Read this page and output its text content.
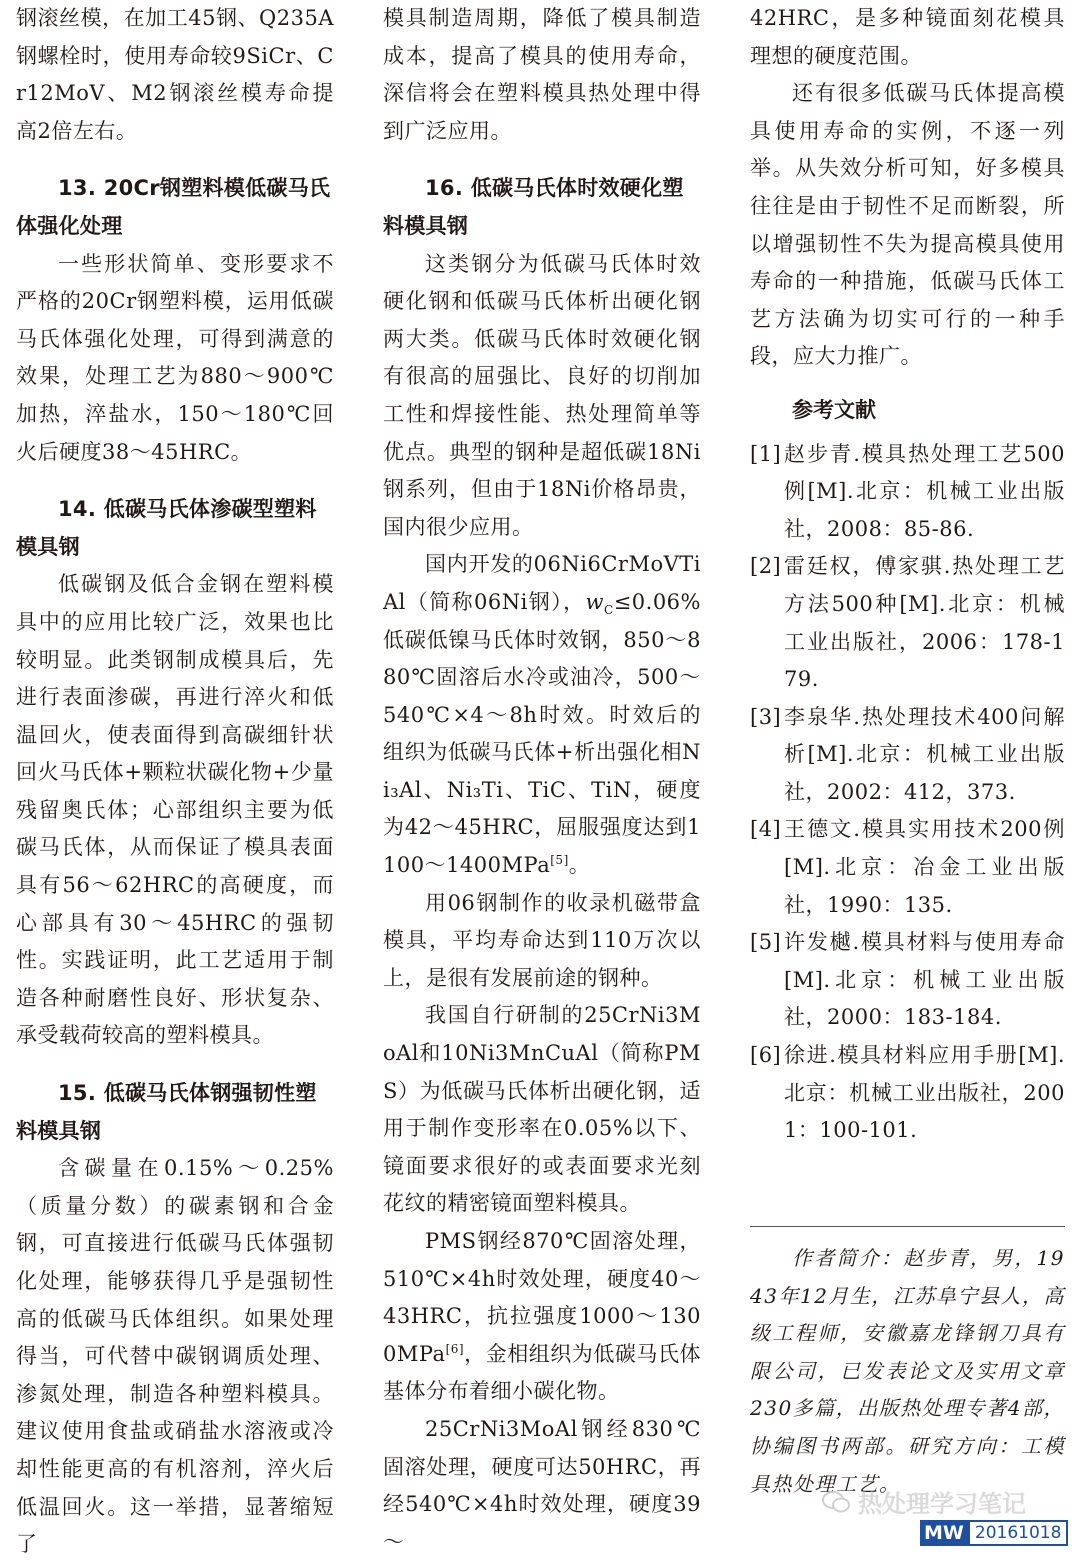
钢滚丝模，在加工45钢、Q235A钢螺栓时，使用寿命较9SiCr、Cr12MoV、M2钢滚丝模寿命提高2倍左右。

13. 20Cr钢塑料模低碳马氏体强化处理

一些形状简单、变形要求不严格的20Cr钢塑料模，运用低碳马氏体强化处理，可得到满意的效果，处理工艺为880～900℃加热，淬盐水，150～180℃回火后硬度38～45HRC。

14. 低碳马氏体渗碳型塑料模具钢

低碳钢及低合金钢在塑料模具中的应用比较广泛，效果也比较明显。此类钢制成模具后，先进行表面渗碳，再进行淬火和低温回火，使表面得到高碳细针状回火马氏体+颗粒状碳化物+少量残留奥氏体；心部组织主要为低碳马氏体，从而保证了模具表面具有56～62HRC的高硬度，而心部具有30～45HRC的强韧性。实践证明，此工艺适用于制造各种耐磨性良好、形状复杂、承受载荷较高的塑料模具。

15. 低碳马氏体钢强韧性塑料模具钢

含碳量在0.15%～0.25%（质量分数）的碳素钢和合金钢，可直接进行低碳马氏体强韧化处理，能够获得几乎是强韧性高的低碳马氏体组织。如果处理得当，可代替中碳钢调质处理、渗氮处理，制造各种塑料模具。建议使用食盐或硝盐水溶液或冷却性能更高的有机溶剂，淬火后低温回火。这一举措，显著缩短了

模具制造周期，降低了模具制造成本，提高了模具的使用寿命，深信将会在塑料模具热处理中得到广泛应用。

16. 低碳马氏体时效硬化塑料模具钢

这类钢分为低碳马氏体时效硬化钢和低碳马氏体析出硬化钢两大类。低碳马氏体时效硬化钢有很高的屈强比、良好的切削加工性和焊接性能、热处理简单等优点。典型的钢种是超低碳18Ni钢系列，但由于18Ni价格昂贵，国内很少应用。

国内开发的06Ni6CrMoVTiAl（简称06Ni钢），$w_C\le 0.06\%$低碳低镍马氏体时效钢，850～880℃固溶后水冷或油冷，500～540℃×4～8h时效。时效后的组织为低碳马氏体+析出强化相Ni₃Al、Ni₃Ti、TiC、TiN，硬度为42～45HRC，屈服强度达到1100～1400MPa[5]。

用06钢制作的收录机磁带盒模具，平均寿命达到110万次以上，是很有发展前途的钢种。

我国自行研制的25CrNi3MoAl和10Ni3MnCuAl（简称PMS）为低碳马氏体析出硬化钢，适用于制作变形率在0.05%以下、镜面要求很好的或表面要求光刻花纹的精密镜面塑料模具。

PMS钢经870℃固溶处理，510℃×4h时效处理，硬度40～43HRC，抗拉强度1000～1300MPa[6]，金相组织为低碳马氏体基体分布着细小碳化物。

25CrNi3MoAl钢经830℃固溶处理，硬度可达50HRC，再经540℃×4h时效处理，硬度39～

42HRC，是多种镜面刻花模具理想的硬度范围。

还有很多低碳马氏体提高模具使用寿命的实例，不逐一列举。从失效分析可知，好多模具往往是由于韧性不足而断裂，所以增强韧性不失为提高模具使用寿命的一种措施，低碳马氏体工艺方法确为切实可行的一种手段，应大力推广。

参考文献
[1] 赵步青.模具热处理工艺500例[M].北京：机械工业出版社，2008：85-86.
[2] 雷廷权，傅家骐.热处理工艺方法500种[M].北京：机械工业出版社，2006：178-179.
[3] 李泉华.热处理技术400问解析[M].北京：机械工业出版社，2002：412，373.
[4] 王德文.模具实用技术200例[M].北京：冶金工业出版社，1990：135.
[5] 许发樾.模具材料与使用寿命[M].北京：机械工业出版社，2000：183-184.
[6] 徐进.模具材料应用手册[M].北京：机械工业出版社，2001：100-101.
作者简介：赵步青，男，1943年12月生，江苏阜宁县人，高级工程师，安徽嘉龙锋钢刀具有限公司，已发表论文及实用文章230多篇，出版热处理专著4部，协编图书两部。研究方向：工模具热处理工艺。
热处理学习笔记
MW 20161018
